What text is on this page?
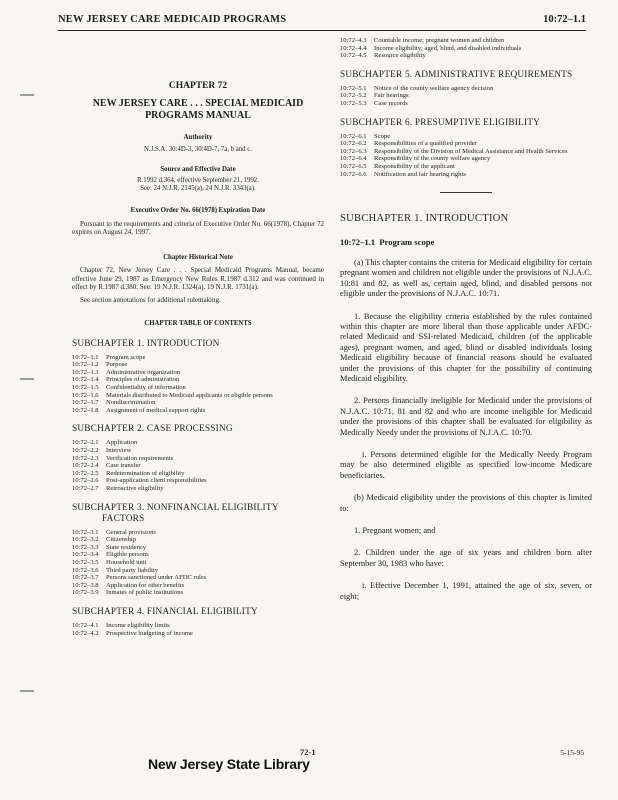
NEW JERSEY CARE MEDICAID PROGRAMS	10:72–1.1
CHAPTER 72
NEW JERSEY CARE . . . SPECIAL MEDICAID
PROGRAMS MANUAL
Authority
N.J.S.A. 30:4D-3, 30:4D-7, 7a, b and c.
Source and Effective Date
R.1992 d.364, effective September 21, 1992.
See: 24 N.J.R. 2145(a), 24 N.J.R. 3343(a).
Executive Order No. 66(1978) Expiration Date
Pursuant to the requirements and criteria of Executive Order No. 66(1978), Chapter 72 expires on August 24, 1997.
Chapter Historical Note
Chapter 72, New Jersey Care . . . Special Medicaid Programs Manual, became effective June 29, 1987 as Emergency New Rules R.1987 d.312 and was continued in effect by R.1987 d.380. See: 19 N.J.R. 1324(a), 19 N.J.R. 1731(a).
See section annotations for additional rulemaking.
CHAPTER TABLE OF CONTENTS
SUBCHAPTER 1. INTRODUCTION
10:72–1.1	Program scope
10:72–1.2	Purpose
10:72–1.3	Administrative organization
10:72–1.4	Principles of administration
10:72–1.5	Confidentiality of information
10:72–1.6	Materials distributed to Medicaid applicants or eligible persons
10:72–1.7	Nondiscrimination
10:72–1.8	Assignment of medical support rights
SUBCHAPTER 2. CASE PROCESSING
10:72–2.1	Application
10:72–2.2	Interview
10:72–2.3	Verification requirements
10:72–2.4	Case transfer
10:72–2.5	Redetermination of eligibility
10:72–2.6	Post-application client responsibilities
10:72–2.7	Retroactive eligibility
SUBCHAPTER 3. NONFINANCIAL ELIGIBILITY
FACTORS
10:72–3.1	General provisions
10:72–3.2	Citizenship
10:72–3.3	State residency
10:72–3.4	Eligible persons
10:72–3.5	Household unit
10:72–3.6	Third party liability
10:72–3.7	Persons sanctioned under AFDC rules
10:72–3.8	Application for other benefits
10:72–3.9	Inmates of public institutions
SUBCHAPTER 4. FINANCIAL ELIGIBILITY
10:72–4.1	Income eligibility limits
10:72–4.2	Prospective budgeting of income
10:72–4.3	Countable income; pregnant women and children
10:72–4.4	Income eligibility; aged, blind, and disabled individuals
10:72–4.5	Resource eligibility
SUBCHAPTER 5. ADMINISTRATIVE REQUIREMENTS
10:72–5.1	Notice of the county welfare agency decision
10:72–5.2	Fair hearings
10:72–5.3	Case records
SUBCHAPTER 6. PRESUMPTIVE ELIGIBILITY
10:72–6.1	Scope
10:72–6.2	Responsibilities of a qualified provider
10:72–6.3	Responsibility of the Division of Medical Assistance and Health Services
10:72–6.4	Responsibility of the county welfare agency
10:72–6.5	Responsibility of the applicant
10:72–6.6	Notification and fair hearing rights
SUBCHAPTER 1. INTRODUCTION
10:72–1.1 Program scope
(a) This chapter contains the criteria for Medicaid eligibility for certain pregnant women and children not eligible under the provisions of N.J.A.C. 10:81 and 82, as well as, certain aged, blind, and disabled persons not eligible under the provisions of N.J.A.C. 10:71.
1. Because the eligibility criteria established by the rules contained within this chapter are more liberal than those applicable under AFDC-related Medicaid and SSI-related Medicaid, children (of the applicable ages), pregnant women, and aged, blind or disabled individuals losing Medicaid eligibility because of financial reasons should be evaluated under the provisions of this chapter for the possibility of continuing Medicaid eligibility.
2. Persons financially ineligible for Medicaid under the provisions of N.J.A.C. 10:71, 81 and 82 and who are income ineligible for Medicaid under the provisions of this chapter shall be evaluated for eligibility as Medically Needy under the provisions of N.J.A.C. 10:70.
i. Persons determined eligible for the Medically Needy Program may be also determined eligible as specified low-income Medicare beneficiaries.
(b) Medicaid eligibility under the provisions of this chapter is limited to:
1. Pregnant women; and
2. Children under the age of six years and children born after September 30, 1983 who have:
i. Effective December 1, 1991, attained the age of six, seven, or eight;
72-1	5-15-95
New Jersey State Library
